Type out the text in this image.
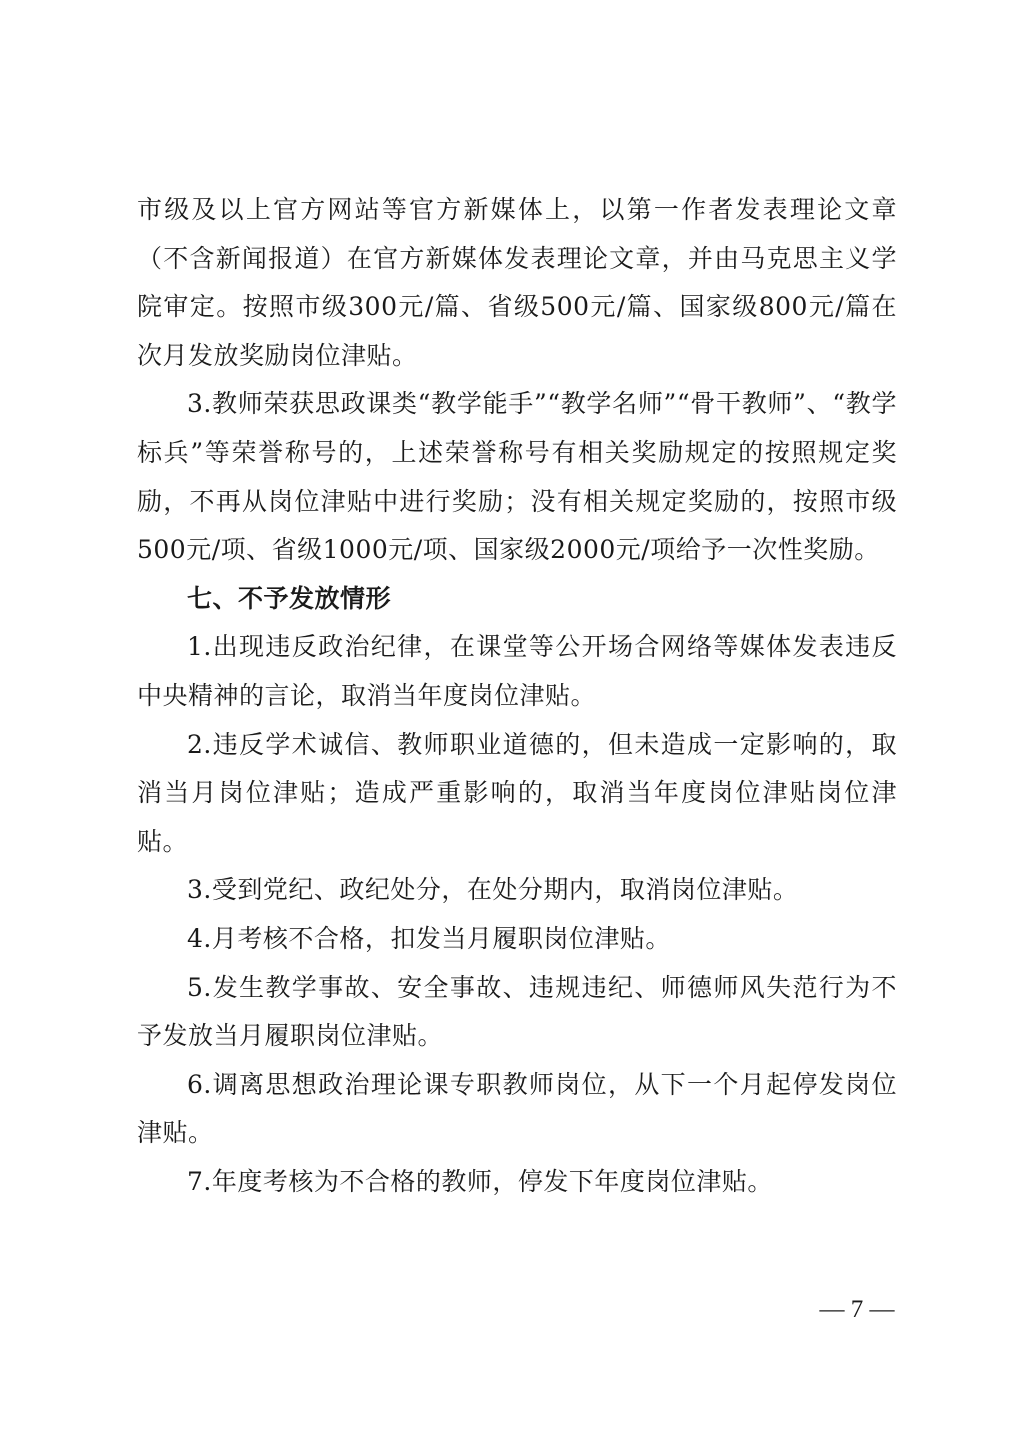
市级及以上官方网站等官方新媒体上，以第一作者发表理论文章（不含新闻报道）在官方新媒体发表理论文章，并由马克思主义学院审定。按照市级300元/篇、省级500元/篇、国家级800元/篇在次月发放奖励岗位津贴。

3.教师荣获思政课类“教学能手”“教学名师”“骨干教师”、“教学标兵”等荣誉称号的，上述荣誉称号有相关奖励规定的按照规定奖励，不再从岗位津贴中进行奖励；没有相关规定奖励的，按照市级500元/项、省级1000元/项、国家级2000元/项给予一次性奖励。

七、不予发放情形

1.出现违反政治纪律，在课堂等公开场合网络等媒体发表违反中央精神的言论，取消当年度岗位津贴。

2.违反学术诚信、教师职业道德的，但未造成一定影响的，取消当月岗位津贴；造成严重影响的，取消当年度岗位津贴岗位津贴。

3.受到党纪、政纪处分，在处分期内，取消岗位津贴。

4.月考核不合格，扣发当月履职岗位津贴。

5.发生教学事故、安全事故、违规违纪、师德师风失范行为不予发放当月履职岗位津贴。

6.调离思想政治理论课专职教师岗位，从下一个月起停发岗位津贴。

7.年度考核为不合格的教师，停发下年度岗位津贴。

— 7 —
